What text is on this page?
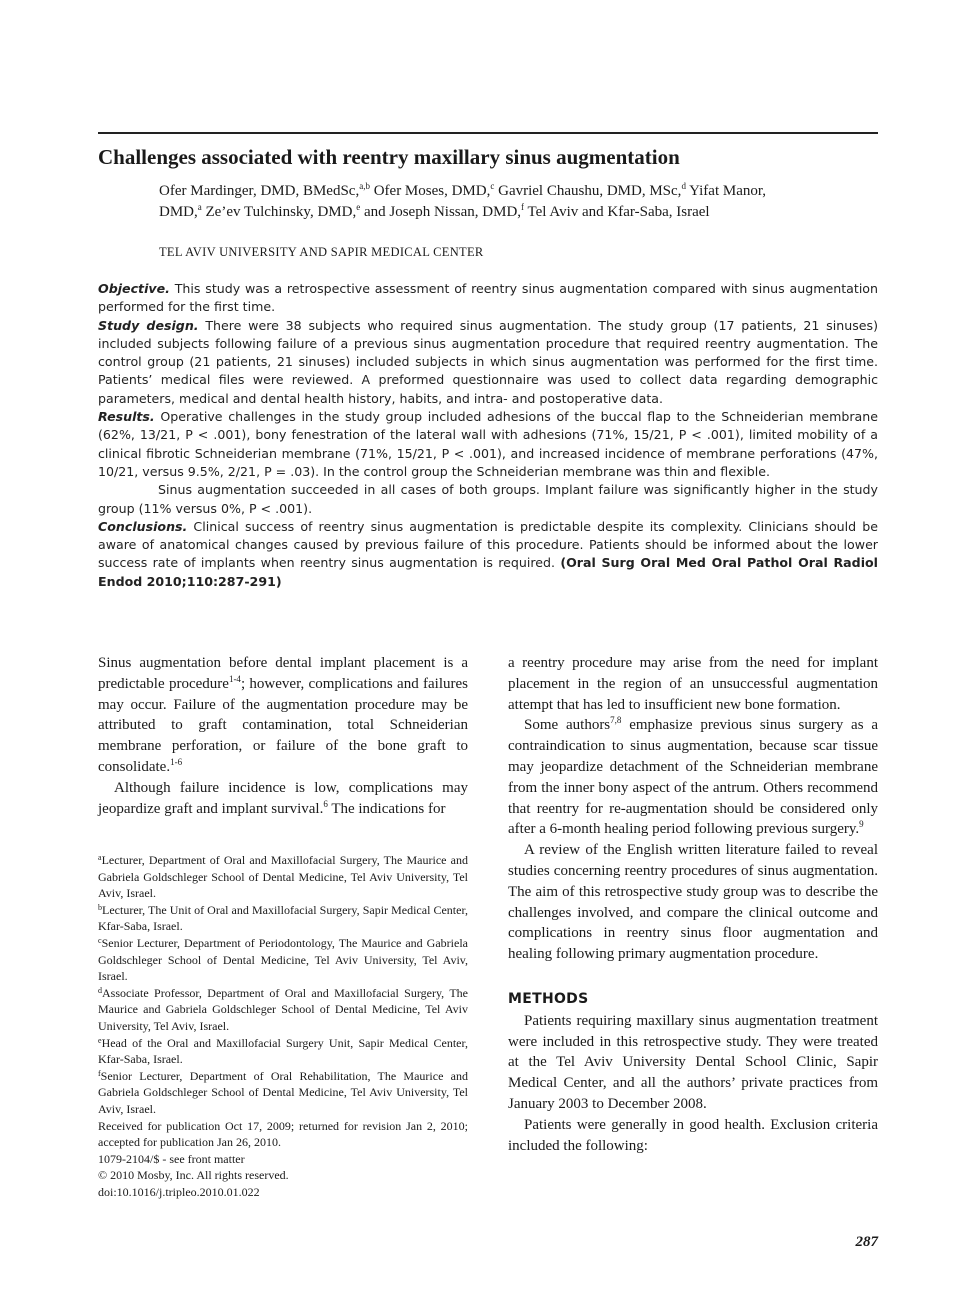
Challenges associated with reentry maxillary sinus augmentation
Ofer Mardinger, DMD, BMedSc,$^{a,b}$ Ofer Moses, DMD,$^c$ Gavriel Chaushu, DMD, MSc,$^d$ Yifat Manor, DMD,$^a$ Ze’ev Tulchinsky, DMD,$^e$ and Joseph Nissan, DMD,$^f$ Tel Aviv and Kfar-Saba, Israel
TEL AVIV UNIVERSITY AND SAPIR MEDICAL CENTER

Objective. This study was a retrospective assessment of reentry sinus augmentation compared with sinus augmentation performed for the first time.

Study design. There were 38 subjects who required sinus augmentation. The study group (17 patients, 21 sinuses) included subjects following failure of a previous sinus augmentation procedure that required reentry augmentation. The control group (21 patients, 21 sinuses) included subjects in which sinus augmentation was performed for the first time. Patients’ medical files were reviewed. A preformed questionnaire was used to collect data regarding demographic parameters, medical and dental health history, habits, and intra- and postoperative data.

Results. Operative challenges in the study group included adhesions of the buccal flap to the Schneiderian membrane (62%, 13/21, P < .001), bony fenestration of the lateral wall with adhesions (71%, 15/21, P < .001), limited mobility of a clinical fibrotic Schneiderian membrane (71%, 15/21, P < .001), and increased incidence of membrane perforations (47%, 10/21, versus 9.5%, 2/21, P = .03). In the control group the Schneiderian membrane was thin and flexible.

Sinus augmentation succeeded in all cases of both groups. Implant failure was significantly higher in the study group (11% versus 0%, P < .001).

Conclusions. Clinical success of reentry sinus augmentation is predictable despite its complexity. Clinicians should be aware of anatomical changes caused by previous failure of this procedure. Patients should be informed about the lower success rate of implants when reentry sinus augmentation is required. (Oral Surg Oral Med Oral Pathol Oral Radiol Endod 2010;110:287-291)

Sinus augmentation before dental implant placement is a predictable procedure$^{1-4}$; however, complications and failures may occur. Failure of the augmentation procedure may be attributed to graft contamination, total Schneiderian membrane perforation, or failure of the bone graft to consolidate.$^{1-6}$

Although failure incidence is low, complications may jeopardize graft and implant survival.$^6$ The indications for

$^a$Lecturer, Department of Oral and Maxillofacial Surgery, The Maurice and Gabriela Goldschleger School of Dental Medicine, Tel Aviv University, Tel Aviv, Israel.

$^b$Lecturer, The Unit of Oral and Maxillofacial Surgery, Sapir Medical Center, Kfar-Saba, Israel.

$^c$Senior Lecturer, Department of Periodontology, The Maurice and Gabriela Goldschleger School of Dental Medicine, Tel Aviv University, Tel Aviv, Israel.

$^d$Associate Professor, Department of Oral and Maxillofacial Surgery, The Maurice and Gabriela Goldschleger School of Dental Medicine, Tel Aviv University, Tel Aviv, Israel.

$^e$Head of the Oral and Maxillofacial Surgery Unit, Sapir Medical Center, Kfar-Saba, Israel.

$^f$Senior Lecturer, Department of Oral Rehabilitation, The Maurice and Gabriela Goldschleger School of Dental Medicine, Tel Aviv University, Tel Aviv, Israel.

Received for publication Oct 17, 2009; returned for revision Jan 2, 2010; accepted for publication Jan 26, 2010.

1079-2104/$ - see front matter

© 2010 Mosby, Inc. All rights reserved.

doi:10.1016/j.tripleo.2010.01.022

a reentry procedure may arise from the need for implant placement in the region of an unsuccessful augmentation attempt that has led to insufficient new bone formation.

Some authors$^{7,8}$ emphasize previous sinus surgery as a contraindication to sinus augmentation, because scar tissue may jeopardize detachment of the Schneiderian membrane from the inner bony aspect of the antrum. Others recommend that reentry for re-augmentation should be considered only after a 6-month healing period following previous surgery.$^9$

A review of the English written literature failed to reveal studies concerning reentry procedures of sinus augmentation. The aim of this retrospective study group was to describe the challenges involved, and compare the clinical outcome and complications in reentry sinus floor augmentation and healing following primary augmentation procedure.

METHODS

Patients requiring maxillary sinus augmentation treatment were included in this retrospective study. They were treated at the Tel Aviv University Dental School Clinic, Sapir Medical Center, and all the authors’ private practices from January 2003 to December 2008.

Patients were generally in good health. Exclusion criteria included the following:

287
